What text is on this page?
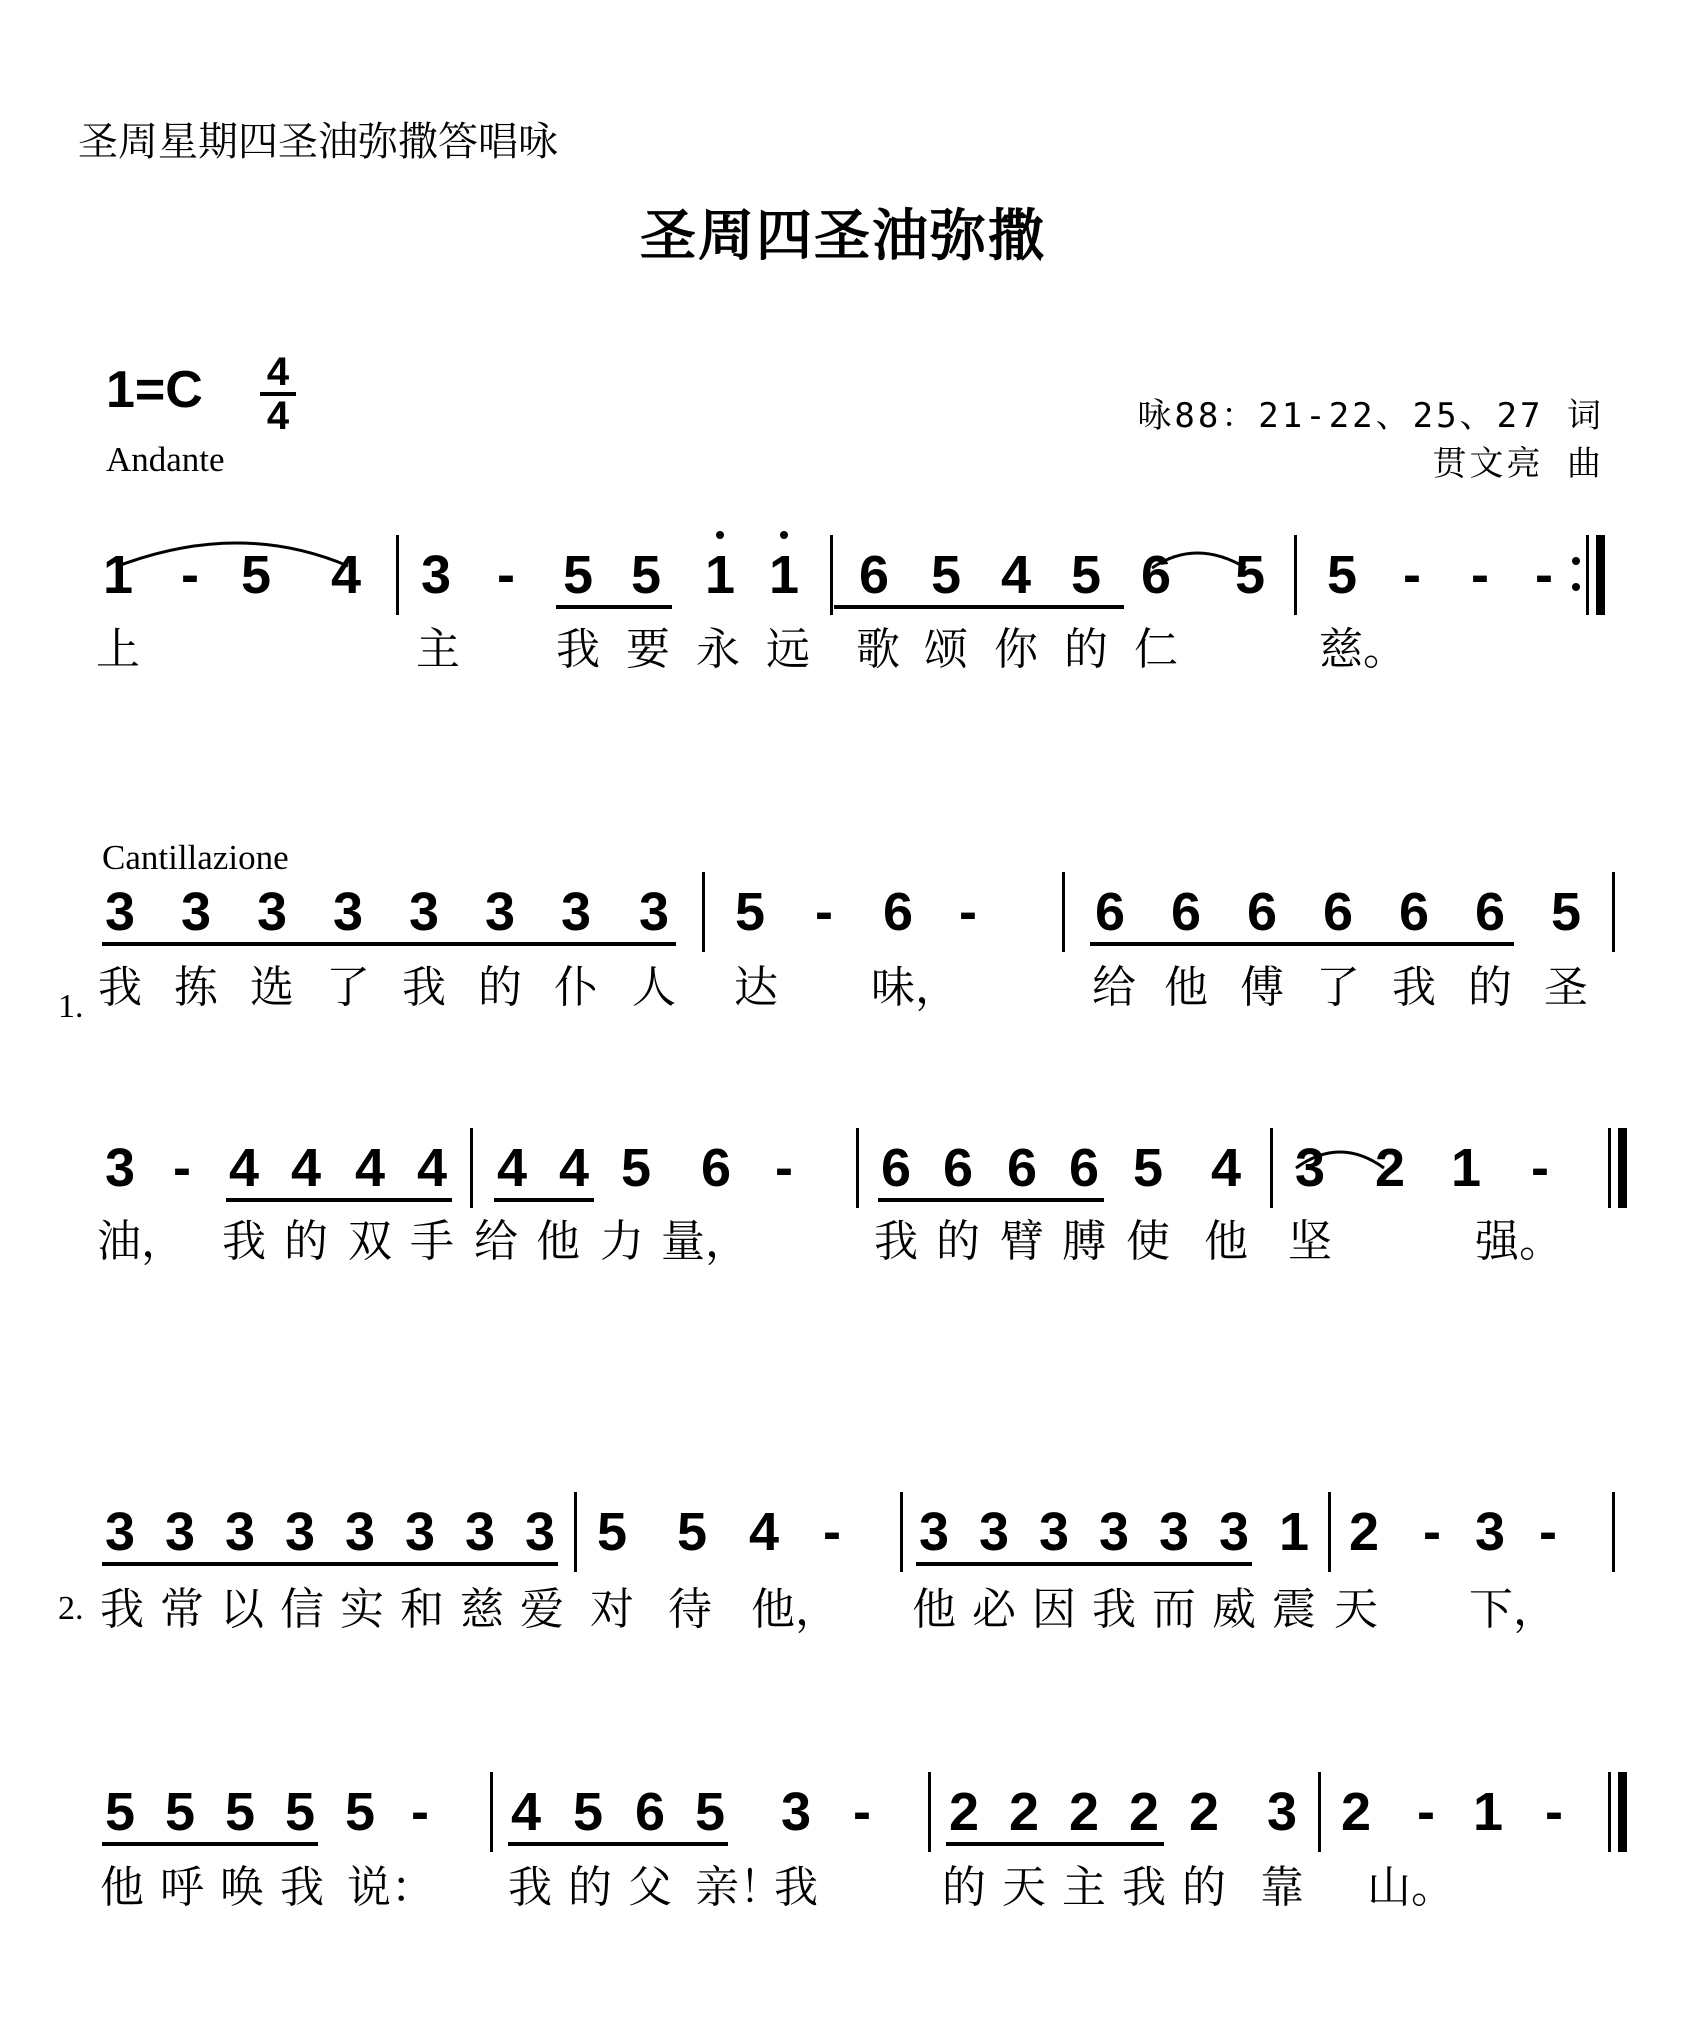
圣周星期四圣油弥撒答唱咏
圣周四圣油弥撒
1=C 4
4
Andante
咏88：21-22、25、27 词
贯文亮 曲
Cantillazione
1 - 5 4 3 - 5 5 1 1 6 5 4 5 6 5 5 - - -
上	主 我 要 永 远 歌 颂 你 的 仁	慈。
3 3 3 3 3 3 3 3 5 - 6 - 6 6 6 6 6 6 5
我 拣 选 了 我 的 仆 人 达 味，	给 他 傅 了 我 的 圣
3 - 4 4 4 4 4 4 5 6 - 6 6 6 6 5 4 3 2 1 -
油， 我 的 双 手 给 他 力 量，	我 的 臂 膊 使 他 坚	强。
3 3 3 3 3 3 3 3 5 5 4 - 3 3 3 3 3 3 1 2 - 3 -
我 常 以 信 实 和 慈 爱 对 待 他， 他 必 因 我 而 威 震 天 下，
5 5 5 5 5 - 4 5 6 5 3 - 2 2 2 2 2 3 2 - 1 -
他 呼 唤 我 说： 我 的 父 亲！
我	的 天 主 我 的 靠 山。
1.
2.
